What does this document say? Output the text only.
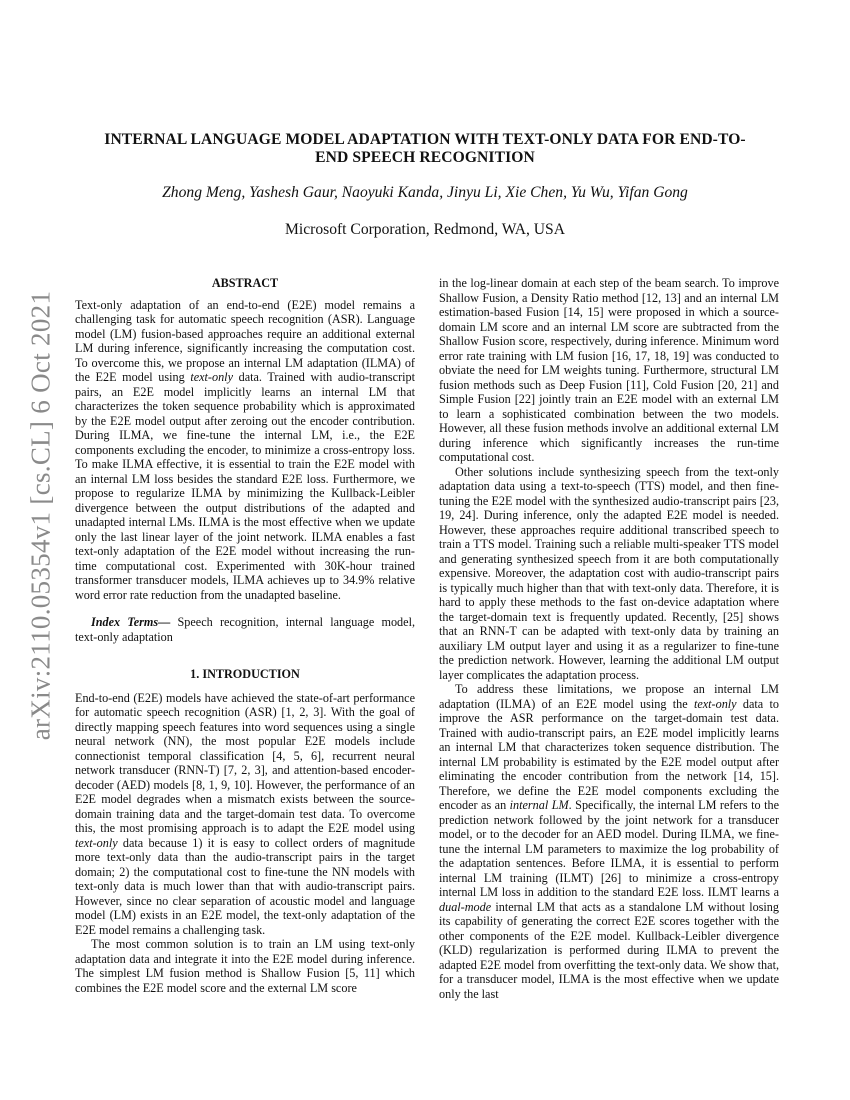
arXiv:2110.05354v1 [cs.CL] 6 Oct 2021
INTERNAL LANGUAGE MODEL ADAPTATION WITH TEXT-ONLY DATA FOR END-TO-END SPEECH RECOGNITION

Zhong Meng, Yashesh Gaur, Naoyuki Kanda, Jinyu Li, Xie Chen, Yu Wu, Yifan Gong

Microsoft Corporation, Redmond, WA, USA

ABSTRACT

Text-only adaptation of an end-to-end (E2E) model remains a challenging task for automatic speech recognition (ASR). Language model (LM) fusion-based approaches require an additional external LM during inference, significantly increasing the computation cost. To overcome this, we propose an internal LM adaptation (ILMA) of the E2E model using text-only data. Trained with audio-transcript pairs, an E2E model implicitly learns an internal LM that characterizes the token sequence probability which is approximated by the E2E model output after zeroing out the encoder contribution. During ILMA, we fine-tune the internal LM, i.e., the E2E components excluding the encoder, to minimize a cross-entropy loss. To make ILMA effective, it is essential to train the E2E model with an internal LM loss besides the standard E2E loss. Furthermore, we propose to regularize ILMA by minimizing the Kullback-Leibler divergence between the output distributions of the adapted and unadapted internal LMs. ILMA is the most effective when we update only the last linear layer of the joint network. ILMA enables a fast text-only adaptation of the E2E model without increasing the run-time computational cost. Experimented with 30K-hour trained transformer transducer models, ILMA achieves up to 34.9% relative word error rate reduction from the unadapted baseline.

Index Terms— Speech recognition, internal language model, text-only adaptation

1. INTRODUCTION

End-to-end (E2E) models have achieved the state-of-art performance for automatic speech recognition (ASR) [1, 2, 3]. With the goal of directly mapping speech features into word sequences using a single neural network (NN), the most popular E2E models include connectionist temporal classification [4, 5, 6], recurrent neural network transducer (RNN-T) [7, 2, 3], and attention-based encoder-decoder (AED) models [8, 1, 9, 10]. However, the performance of an E2E model degrades when a mismatch exists between the source-domain training data and the target-domain test data. To overcome this, the most promising approach is to adapt the E2E model using text-only data because 1) it is easy to collect orders of magnitude more text-only data than the audio-transcript pairs in the target domain; 2) the computational cost to fine-tune the NN models with text-only data is much lower than that with audio-transcript pairs. However, since no clear separation of acoustic model and language model (LM) exists in an E2E model, the text-only adaptation of the E2E model remains a challenging task.

The most common solution is to train an LM using text-only adaptation data and integrate it into the E2E model during inference. The simplest LM fusion method is Shallow Fusion [5, 11] which combines the E2E model score and the external LM score

in the log-linear domain at each step of the beam search. To improve Shallow Fusion, a Density Ratio method [12, 13] and an internal LM estimation-based Fusion [14, 15] were proposed in which a source-domain LM score and an internal LM score are subtracted from the Shallow Fusion score, respectively, during inference. Minimum word error rate training with LM fusion [16, 17, 18, 19] was conducted to obviate the need for LM weights tuning. Furthermore, structural LM fusion methods such as Deep Fusion [11], Cold Fusion [20, 21] and Simple Fusion [22] jointly train an E2E model with an external LM to learn a sophisticated combination between the two models. However, all these fusion methods involve an additional external LM during inference which significantly increases the run-time computational cost.

Other solutions include synthesizing speech from the text-only adaptation data using a text-to-speech (TTS) model, and then fine-tuning the E2E model with the synthesized audio-transcript pairs [23, 19, 24]. During inference, only the adapted E2E model is needed. However, these approaches require additional transcribed speech to train a TTS model. Training such a reliable multi-speaker TTS model and generating synthesized speech from it are both computationally expensive. Moreover, the adaptation cost with audio-transcript pairs is typically much higher than that with text-only data. Therefore, it is hard to apply these methods to the fast on-device adaptation where the target-domain text is frequently updated. Recently, [25] shows that an RNN-T can be adapted with text-only data by training an auxiliary LM output layer and using it as a regularizer to fine-tune the prediction network. However, learning the additional LM output layer complicates the adaptation process.

To address these limitations, we propose an internal LM adaptation (ILMA) of an E2E model using the text-only data to improve the ASR performance on the target-domain test data. Trained with audio-transcript pairs, an E2E model implicitly learns an internal LM that characterizes token sequence distribution. The internal LM probability is estimated by the E2E model output after eliminating the encoder contribution from the network [14, 15]. Therefore, we define the E2E model components excluding the encoder as an internal LM. Specifically, the internal LM refers to the prediction network followed by the joint network for a transducer model, or to the decoder for an AED model. During ILMA, we fine-tune the internal LM parameters to maximize the log probability of the adaptation sentences. Before ILMA, it is essential to perform internal LM training (ILMT) [26] to minimize a cross-entropy internal LM loss in addition to the standard E2E loss. ILMT learns a dual-mode internal LM that acts as a standalone LM without losing its capability of generating the correct E2E scores together with the other components of the E2E model. Kullback-Leibler divergence (KLD) regularization is performed during ILMA to prevent the adapted E2E model from overfitting the text-only data. We show that, for a transducer model, ILMA is the most effective when we update only the last
